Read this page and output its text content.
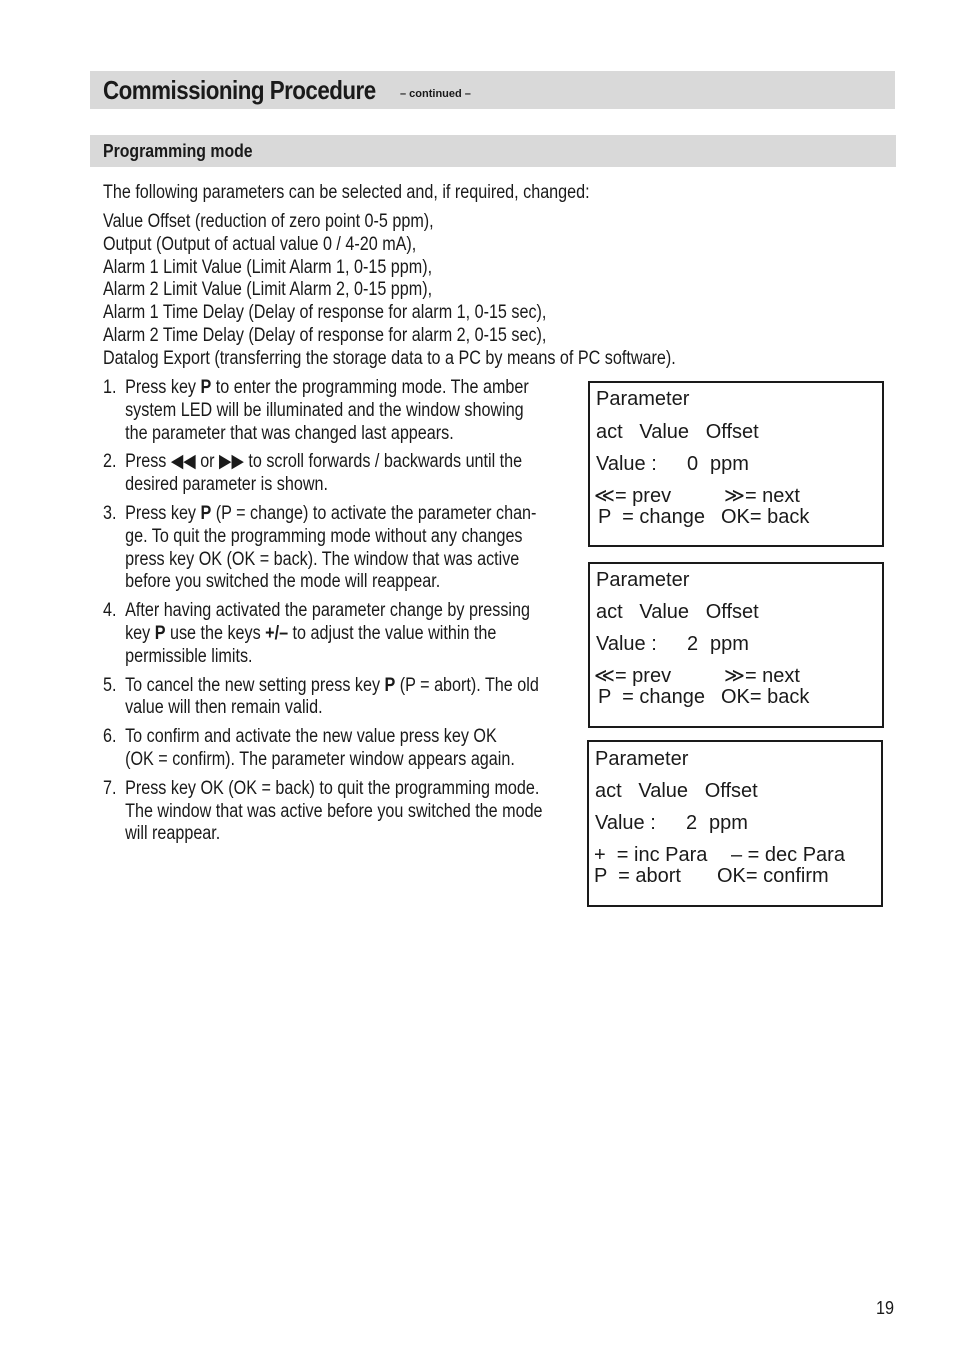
Commissioning Procedure – continued –
Programming mode
The following parameters can be selected and, if required, changed:
Value Offset (reduction of zero point 0-5 ppm),
Output (Output of actual value 0 / 4-20 mA),
Alarm 1 Limit Value (Limit Alarm 1, 0-15 ppm),
Alarm 2 Limit Value (Limit Alarm 2, 0-15 ppm),
Alarm 1 Time Delay (Delay of response for alarm 1, 0-15 sec),
Alarm 2 Time Delay (Delay of response for alarm 2, 0-15 sec),
Datalog Export (transferring the storage data to a PC by means of PC software).
1. Press key P to enter the programming mode. The amber
system LED will be illuminated and the window showing
the parameter that was changed last appears.
2. Press ◀◀ or ▶▶ to scroll forwards / backwards until the
desired parameter is shown.
3. Press key P (P = change) to activate the parameter chan-
ge. To quit the programming mode without any changes
press key OK (OK = back). The window that was active
before you switched the mode will reappear.
4. After having activated the parameter change by pressing
key P use the keys +/– to adjust the value within the
permissible limits.
5. To cancel the new setting press key P (P = abort). The old
value will then remain valid.
6. To confirm and activate the new value press key OK
(OK = confirm). The parameter window appears again.
7. Press key OK (OK = back) to quit the programming mode.
The window that was active before you switched the mode
will reappear.
Parameter
act   Value   Offset
Value : 0 ppm
≪= prev	≫= next
P  = change OK= back
Parameter
act   Value   Offset
Value : 2 ppm
≪= prev	≫= next
P  = change OK= back
Parameter
act   Value   Offset
Value : 2 ppm
+  = inc Para – = dec Para
P  = abort OK= confirm
19
